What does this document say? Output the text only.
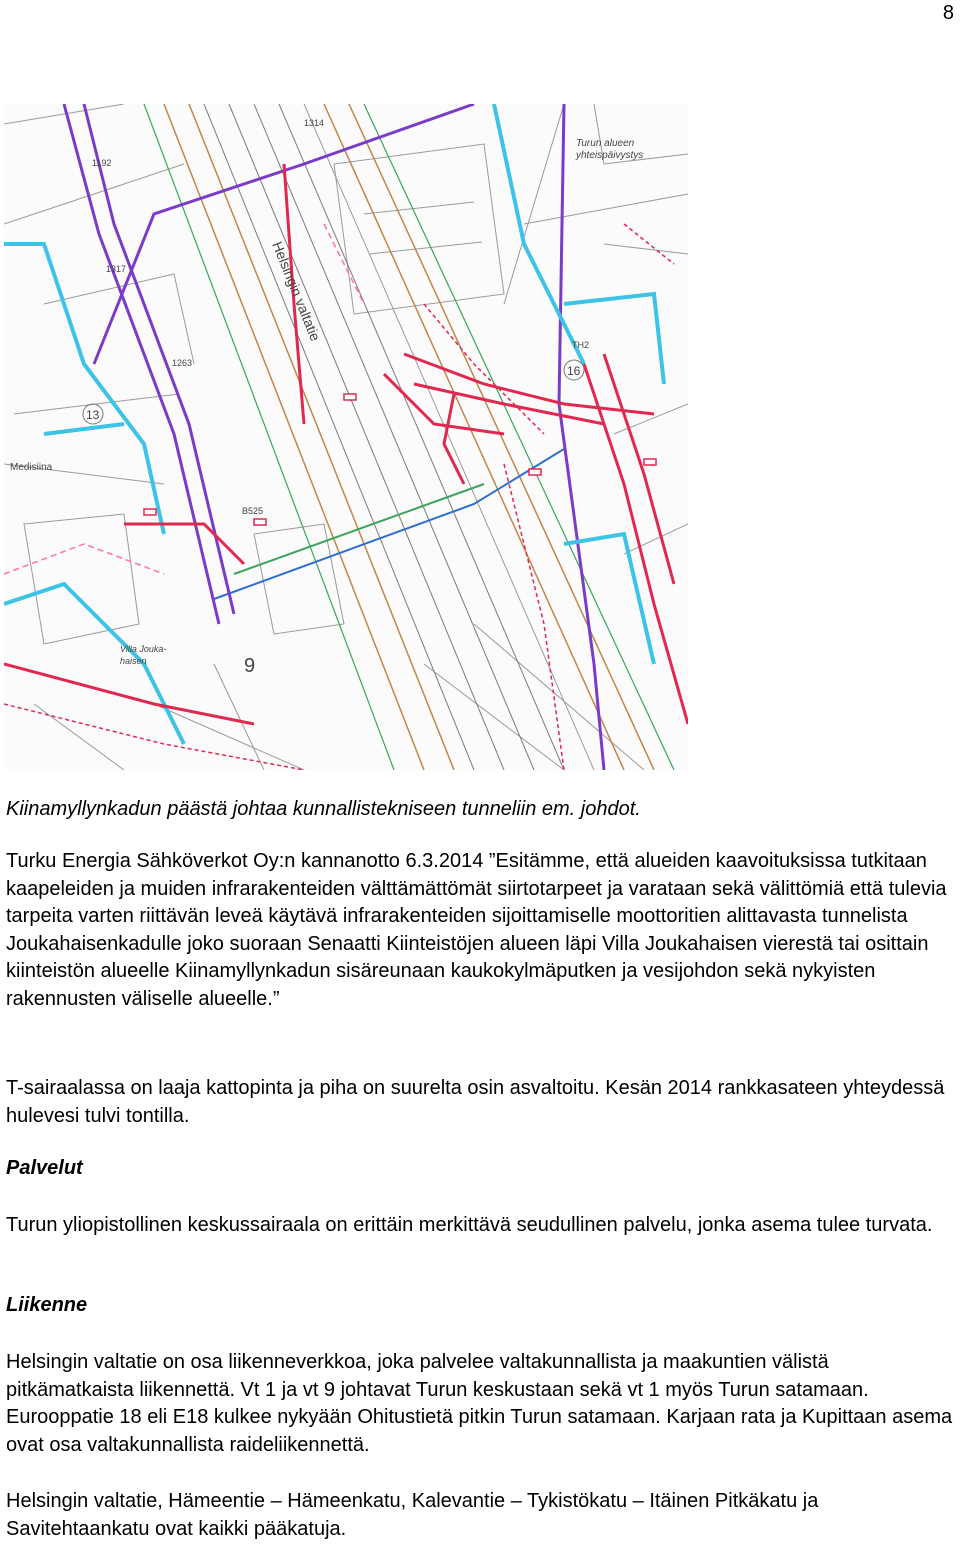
8
Helsingin valtatie
Medisiina
Turun alueen
yhteispäivystys
Villa Jouka-
haisen
B525
TH2
1314
1192
1263
1317
13
16
9
Kiinamyllynkadun päästä johtaa kunnallistekniseen tunneliin em. johdot.

Turku Energia Sähköverkot Oy:n kannanotto 6.3.2014 ”Esitämme, että alueiden kaavoituksissa tutkitaan kaapeleiden ja muiden infrarakenteiden välttämättömät siirtotarpeet ja varataan sekä välittömiä että tulevia tarpeita varten riittävän leveä käytävä infrarakenteiden sijoittamiselle moottoritien alittavasta tunnelista Joukahaisenkadulle joko suoraan Senaatti Kiinteistöjen alueen läpi Villa Joukahaisen vierestä tai osittain kiinteistön alueelle Kiinamyllynkadun sisäreunaan kaukokylmäputken ja vesijohdon sekä nykyisten rakennusten väliselle alueelle.”

T-sairaalassa on laaja kattopinta ja piha on suurelta osin asvaltoitu. Kesän 2014 rankkasateen yhteydessä hulevesi tulvi tontilla.

Palvelut

Turun yliopistollinen keskussairaala on erittäin merkittävä seudullinen palvelu, jonka asema tulee turvata.

Liikenne

Helsingin valtatie on osa liikenneverkkoa, joka palvelee valtakunnallista ja maakuntien välistä pitkämatkaista liikennettä. Vt 1 ja vt 9 johtavat Turun keskustaan sekä vt 1 myös Turun satamaan. Eurooppatie 18 eli E18 kulkee nykyään Ohitustietä pitkin Turun satamaan. Karjaan rata ja Kupittaan asema ovat osa valtakunnallista raideliikennettä.

Helsingin valtatie, Hämeentie – Hämeenkatu, Kalevantie – Tykistökatu – Itäinen Pitkäkatu ja Savitehtaankatu ovat kaikki pääkatuja.
